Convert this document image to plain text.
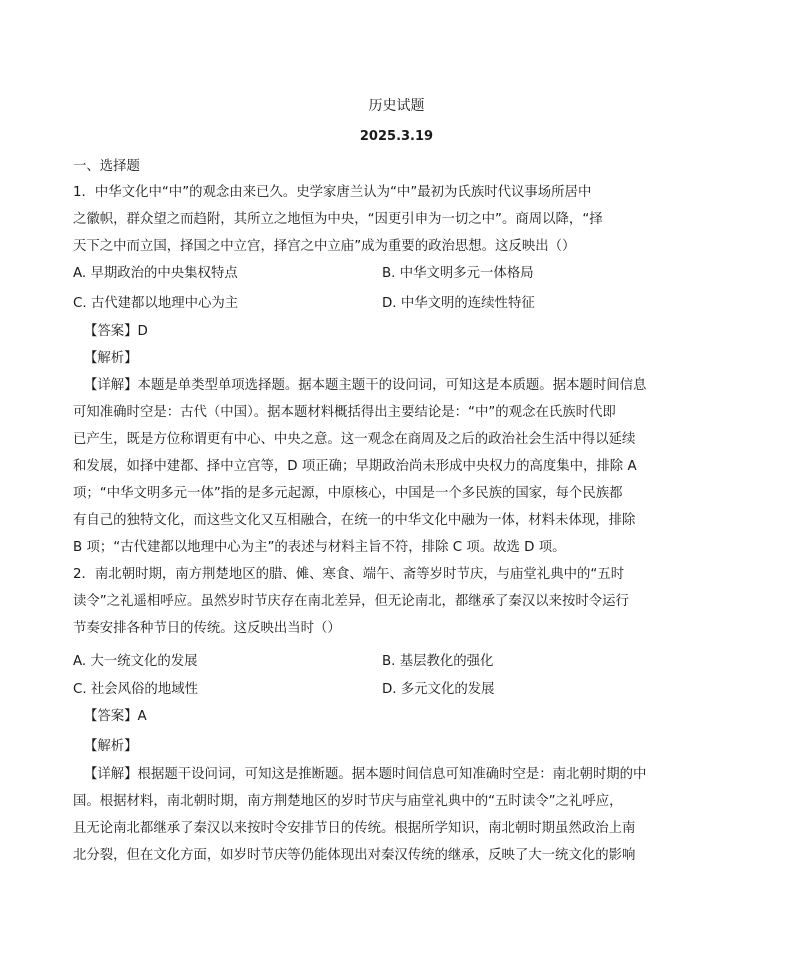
历史试题
2025.3.19
一、选择题
1．中华文化中“中”的观念由来已久。史学家唐兰认为“中”最初为氏族时代议事场所居中
之徽帜，群众望之而趋附，其所立之地恒为中央，“因更引申为一切之中”。商周以降，“择
天下之中而立国，择国之中立宫，择宫之中立庙”成为重要的政治思想。这反映出（）
A. 早期政治的中央集权特点	B. 中华文明多元一体格局
C. 古代建都以地理中心为主	D. 中华文明的连续性特征
【答案】D
【解析】
【详解】本题是单类型单项选择题。据本题主题干的设问词，可知这是本质题。据本题时间信息
可知准确时空是：古代（中国）。据本题材料概括得出主要结论是：“中”的观念在氏族时代即
已产生，既是方位称谓更有中心、中央之意。这一观念在商周及之后的政治社会生活中得以延续
和发展，如择中建都、择中立宫等，D 项正确；早期政治尚未形成中央权力的高度集中，排除 A
项；“中华文明多元一体”指的是多元起源，中原核心，中国是一个多民族的国家，每个民族都
有自己的独特文化，而这些文化又互相融合，在统一的中华文化中融为一体，材料未体现，排除
B 项；“古代建都以地理中心为主”的表述与材料主旨不符，排除 C 项。故选 D 项。
2．南北朝时期，南方荆楚地区的腊、傩、寒食、端午、斋等岁时节庆，与庙堂礼典中的“五时
读令”之礼遥相呼应。虽然岁时节庆存在南北差异，但无论南北，都继承了秦汉以来按时令运行
节奏安排各种节日的传统。这反映出当时（）
A. 大一统文化的发展	B. 基层教化的强化
C. 社会风俗的地域性	D. 多元文化的发展
【答案】A
【解析】
【详解】根据题干设问词，可知这是推断题。据本题时间信息可知准确时空是：南北朝时期的中
国。根据材料，南北朝时期，南方荆楚地区的岁时节庆与庙堂礼典中的“五时读令”之礼呼应，
且无论南北都继承了秦汉以来按时令安排节日的传统。根据所学知识，南北朝时期虽然政治上南
北分裂，但在文化方面，如岁时节庆等仍能体现出对秦汉传统的继承，反映了大一统文化的影响
